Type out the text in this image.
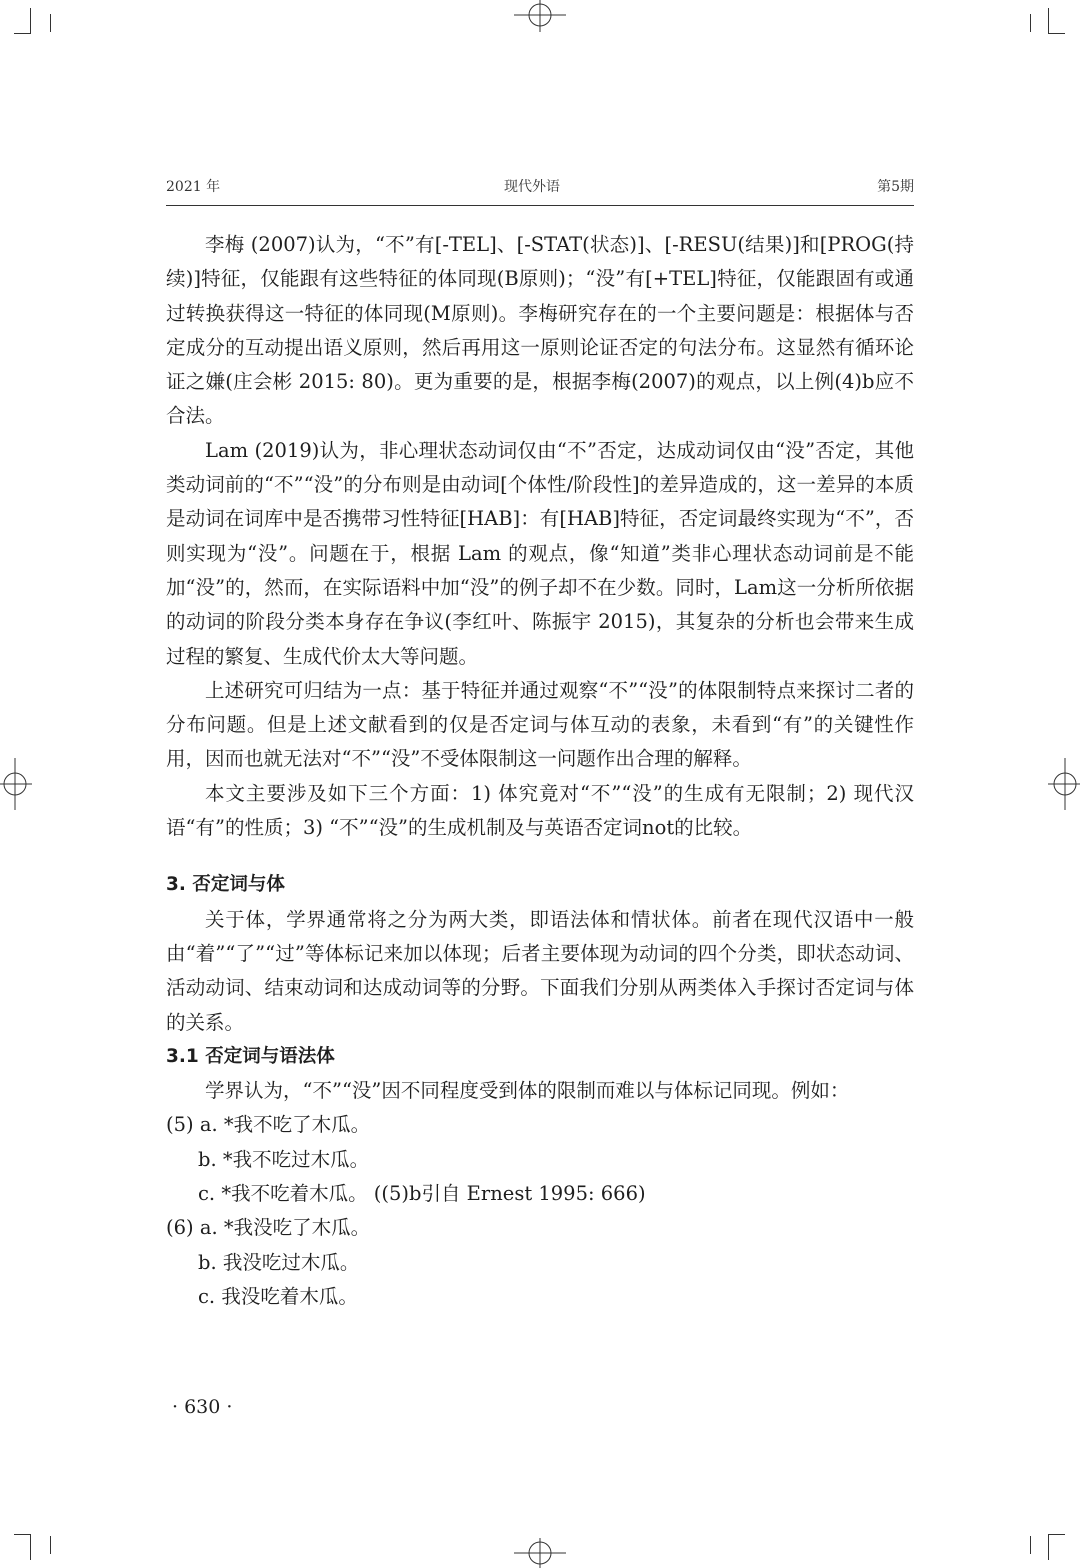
2021 年	现代外语	第5期

李梅 (2007)认为，“不”有[-TEL]、[-STAT(状态)]、[-RESU(结果)]和[PROG(持续)]特征，仅能跟有这些特征的体同现(B原则)；“没”有[+TEL]特征，仅能跟固有或通过转换获得这一特征的体同现(M原则)。李梅研究存在的一个主要问题是：根据体与否定成分的互动提出语义原则，然后再用这一原则论证否定的句法分布。这显然有循环论证之嫌(庄会彬 2015: 80)。更为重要的是，根据李梅(2007)的观点，以上例(4)b应不合法。

Lam (2019)认为，非心理状态动词仅由“不”否定，达成动词仅由“没”否定，其他类动词前的“不”“没”的分布则是由动词[个体性/阶段性]的差异造成的，这一差异的本质是动词在词库中是否携带习性特征[HAB]：有[HAB]特征，否定词最终实现为“不”，否则实现为“没”。问题在于，根据 Lam 的观点，像“知道”类非心理状态动词前是不能加“没”的，然而，在实际语料中加“没”的例子却不在少数。同时，Lam这一分析所依据的动词的阶段分类本身存在争议(李红叶、陈振宇 2015)，其复杂的分析也会带来生成过程的繁复、生成代价太大等问题。

上述研究可归结为一点：基于特征并通过观察“不”“没”的体限制特点来探讨二者的分布问题。但是上述文献看到的仅是否定词与体互动的表象，未看到“有”的关键性作用，因而也就无法对“不”“没”不受体限制这一问题作出合理的解释。

本文主要涉及如下三个方面：1) 体究竟对“不”“没”的生成有无限制；2) 现代汉语“有”的性质；3) “不”“没”的生成机制及与英语否定词not的比较。

3. 否定词与体

关于体，学界通常将之分为两大类，即语法体和情状体。前者在现代汉语中一般由“着”“了”“过”等体标记来加以体现；后者主要体现为动词的四个分类，即状态动词、活动动词、结束动词和达成动词等的分野。下面我们分别从两类体入手探讨否定词与体的关系。

3.1 否定词与语法体

学界认为，“不”“没”因不同程度受到体的限制而难以与体标记同现。例如：

(5) a. *我不吃了木瓜。

b. *我不吃过木瓜。

c. *我不吃着木瓜。 ((5)b引自 Ernest 1995: 666)

(6) a. *我没吃了木瓜。

b. 我没吃过木瓜。

c. 我没吃着木瓜。

· 630 ·
